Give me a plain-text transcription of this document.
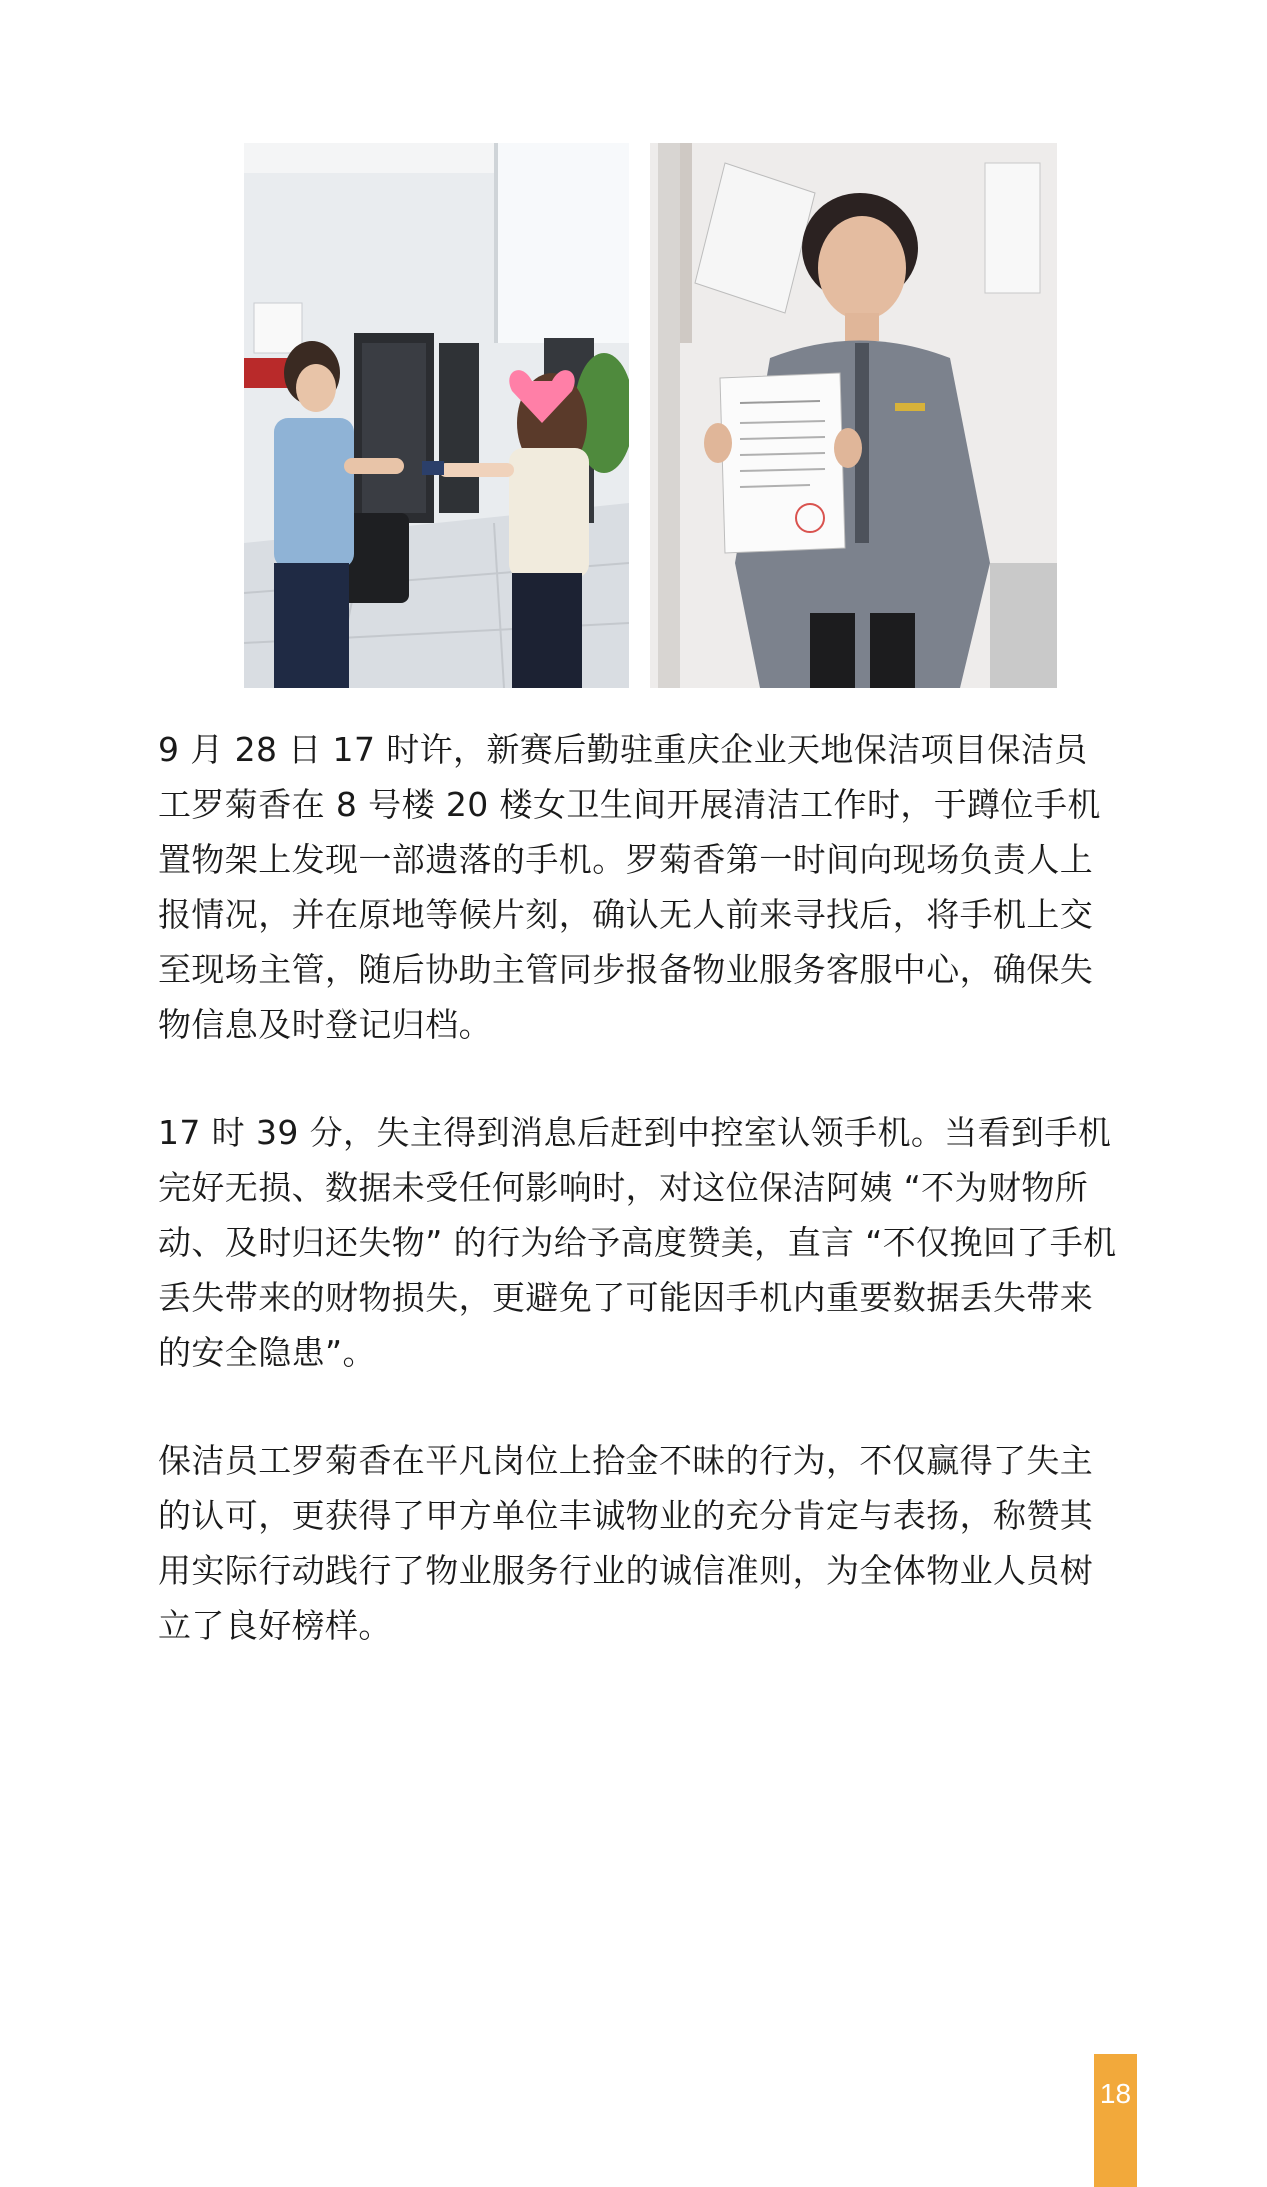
9 月 28 日 17 时许，新赛后勤驻重庆企业天地保洁项目保洁员工罗菊香在 8 号楼 20 楼女卫生间开展清洁工作时，于蹲位手机置物架上发现一部遗落的手机。罗菊香第一时间向现场负责人上报情况，并在原地等候片刻，确认无人前来寻找后，将手机上交至现场主管，随后协助主管同步报备物业服务客服中心，确保失物信息及时登记归档。

17 时 39 分，失主得到消息后赶到中控室认领手机。当看到手机完好无损、数据未受任何影响时，对这位保洁阿姨 “不为财物所动、及时归还失物” 的行为给予高度赞美，直言 “不仅挽回了手机丢失带来的财物损失，更避免了可能因手机内重要数据丢失带来的安全隐患”。

保洁员工罗菊香在平凡岗位上拾金不昧的行为，不仅赢得了失主的认可，更获得了甲方单位丰诚物业的充分肯定与表扬，称赞其用实际行动践行了物业服务行业的诚信准则，为全体物业人员树立了良好榜样。

18
